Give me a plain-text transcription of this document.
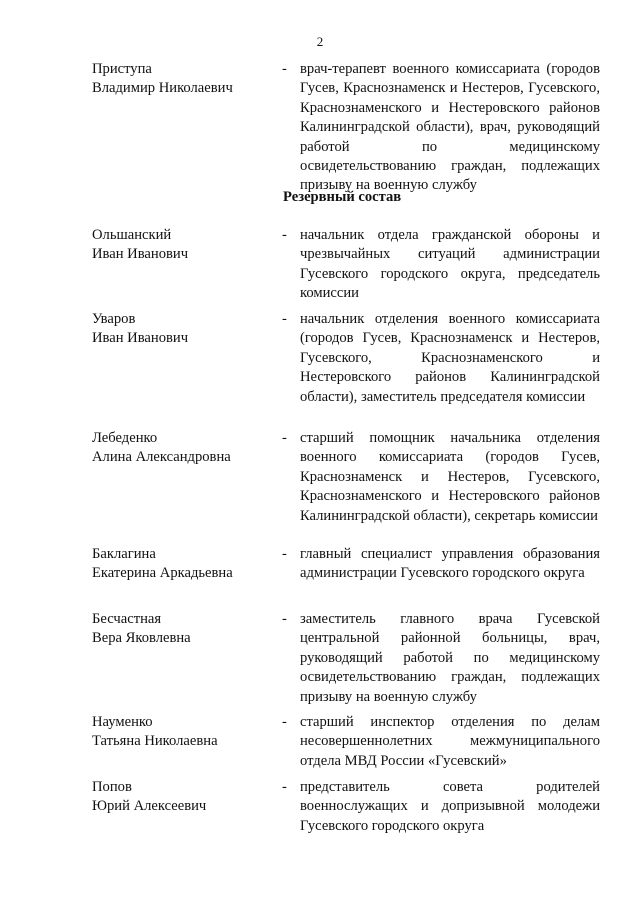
2
Приступа
Владимир Николаевич
- врач-терапевт военного комиссариата (городов Гусев, Краснознаменск и Нестеров, Гусевского, Краснознаменского и Нестеровского районов Калининградской области), врач, руководящий работой по медицинскому освидетельствованию граждан, подлежащих призыву на военную службу
Резервный состав
Ольшанский
Иван Иванович
- начальник отдела гражданской обороны и чрезвычайных ситуаций администрации Гусевского городского округа, председатель комиссии
Уваров
Иван Иванович
- начальник отделения военного комиссариата (городов Гусев, Краснознаменск и Нестеров, Гусевского, Краснознаменского и Нестеровского районов Калининградской области), заместитель председателя комиссии
Лебеденко
Алина Александровна
- старший помощник начальника отделения военного комиссариата (городов Гусев, Краснознаменск и Нестеров, Гусевского, Краснознаменского и Нестеровского районов Калининградской области), секретарь комиссии
Баклагина
Екатерина Аркадьевна
- главный специалист управления образования администрации Гусевского городского округа
Бесчастная
Вера Яковлевна
- заместитель главного врача Гусевской центральной районной больницы, врач, руководящий работой по медицинскому освидетельствованию граждан, подлежащих призыву на военную службу
Науменко
Татьяна Николаевна
- старший инспектор отделения по делам несовершеннолетних межмуниципального отдела МВД России «Гусевский»
Попов
Юрий Алексеевич
- представитель совета родителей военнослужащих и допризывной молодежи Гусевского городского округа
